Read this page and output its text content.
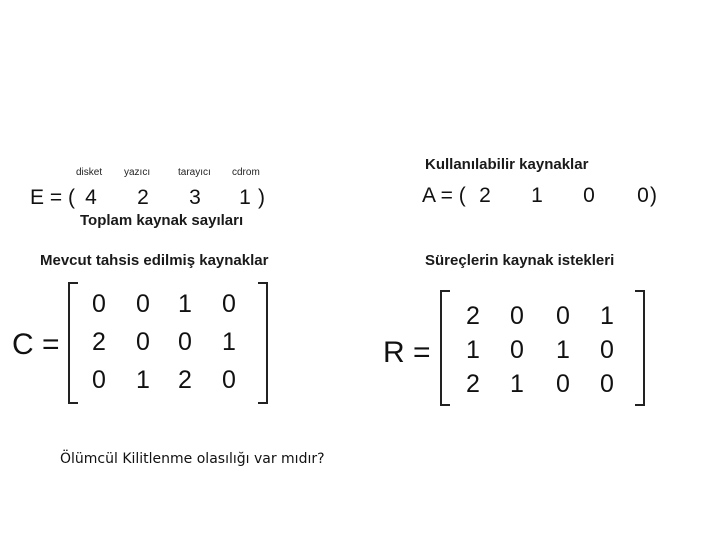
disket yazıcı	tarayıcı cdrom
E = ( 4	2	3	1 )
Toplam kaynak sayıları
Kullanılabilir kaynaklar
A = ( 2	1	0	0 )
Mevcut tahsis edilmiş kaynaklar
C =
0	0	1	0
2	0	0	1
0	1	2	0
Süreçlerin kaynak istekleri
R =
2	0	0	1
1	0	1	0
2	1	0	0
Ölümcül Kilitlenme olasılığı var mıdır?
